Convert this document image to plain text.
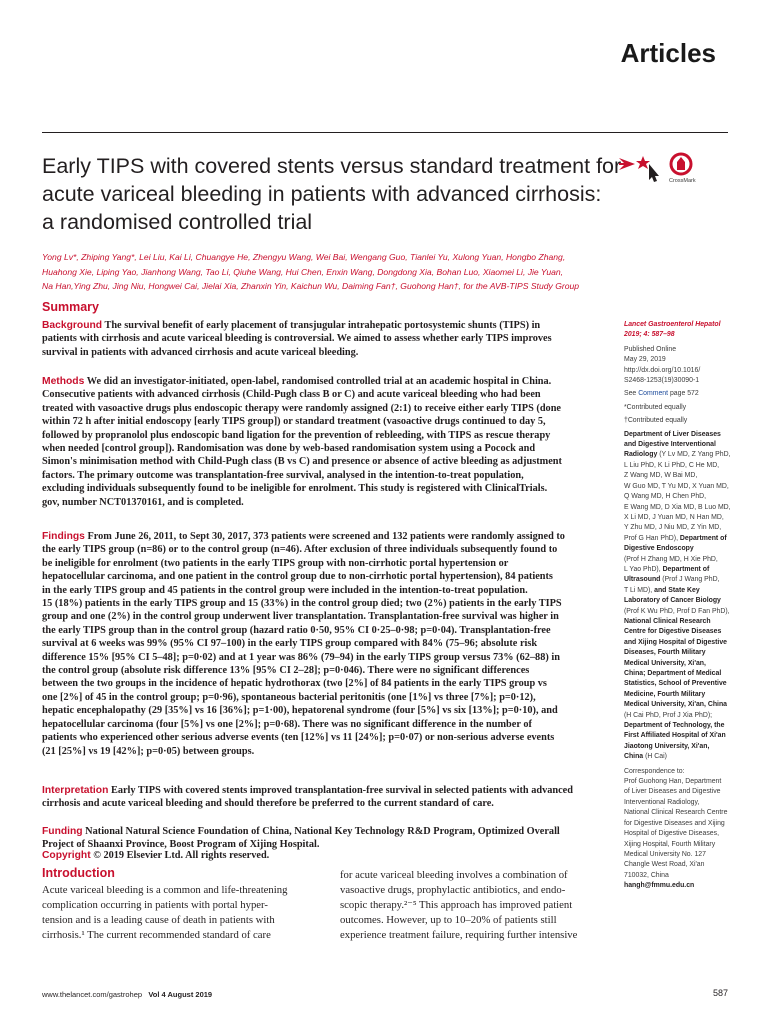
Articles
Early TIPS with covered stents versus standard treatment for
acute variceal bleeding in patients with advanced cirrhosis:
a randomised controlled trial
CrossMark
Yong Lv*, Zhiping Yang*, Lei Liu, Kai Li, Chuangye He, Zhengyu Wang, Wei Bai, Wengang Guo, Tianlei Yu, Xulong Yuan, Hongbo Zhang,
Huahong Xie, Liping Yao, Jianhong Wang, Tao Li, Qiuhe Wang, Hui Chen, Enxin Wang, Dongdong Xia, Bohan Luo, Xiaomei Li, Jie Yuan,
Na Han,Ying Zhu, Jing Niu, Hongwei Cai, Jielai Xia, Zhanxin Yin, Kaichun Wu, Daiming Fan†, Guohong Han†, for the AVB-TIPS Study Group
Summary
Background The survival benefit of early placement of transjugular intrahepatic portosystemic shunts (TIPS) in
patients with cirrhosis and acute variceal bleeding is controversial. We aimed to assess whether early TIPS improves
survival in patients with advanced cirrhosis and acute variceal bleeding.
Methods We did an investigator-initiated, open-label, randomised controlled trial at an academic hospital in China.
Consecutive patients with advanced cirrhosis (Child-Pugh class B or C) and acute variceal bleeding who had been
treated with vasoactive drugs plus endoscopic therapy were randomly assigned (2:1) to receive either early TIPS (done
within 72 h after initial endoscopy [early TIPS group]) or standard treatment (vasoactive drugs continued to day 5,
followed by propranolol plus endoscopic band ligation for the prevention of rebleeding, with TIPS as rescue therapy
when needed [control group]). Randomisation was done by web-based randomisation system using a Pocock and
Simon's minimisation method with Child-Pugh class (B vs C) and presence or absence of active bleeding as adjustment
factors. The primary outcome was transplantation-free survival, analysed in the intention-to-treat population,
excluding individuals subsequently found to be ineligible for enrolment. This study is registered with ClinicalTrials.
gov, number NCT01370161, and is completed.
Findings From June 26, 2011, to Sept 30, 2017, 373 patients were screened and 132 patients were randomly assigned to
the early TIPS group (n=86) or to the control group (n=46). After exclusion of three individuals subsequently found to
be ineligible for enrolment (two patients in the early TIPS group with non-cirrhotic portal hypertension or
hepatocellular carcinoma, and one patient in the control group due to non-cirrhotic portal hypertension), 84 patients
in the early TIPS group and 45 patients in the control group were included in the intention-to-treat population.
15 (18%) patients in the early TIPS group and 15 (33%) in the control group died; two (2%) patients in the early TIPS
group and one (2%) in the control group underwent liver transplantation. Transplantation-free survival was higher in
the early TIPS group than in the control group (hazard ratio 0·50, 95% CI 0·25–0·98; p=0·04). Transplantation-free
survival at 6 weeks was 99% (95% CI 97–100) in the early TIPS group compared with 84% (75–96; absolute risk
difference 15% [95% CI 5–48]; p=0·02) and at 1 year was 86% (79–94) in the early TIPS group versus 73% (62–88) in
the control group (absolute risk difference 13% [95% CI 2–28]; p=0·046). There were no significant differences
between the two groups in the incidence of hepatic hydrothorax (two [2%] of 84 patients in the early TIPS group vs
one [2%] of 45 in the control group; p=0·96), spontaneous bacterial peritonitis (one [1%] vs three [7%]; p=0·12),
hepatic encephalopathy (29 [35%] vs 16 [36%]; p=1·00), hepatorenal syndrome (four [5%] vs six [13%]; p=0·10), and
hepatocellular carcinoma (four [5%] vs one [2%]; p=0·68). There was no significant difference in the number of
patients who experienced other serious adverse events (ten [12%] vs 11 [24%]; p=0·07) or non-serious adverse events
(21 [25%] vs 19 [42%]; p=0·05) between groups.
Interpretation Early TIPS with covered stents improved transplantation-free survival in selected patients with advanced
cirrhosis and acute variceal bleeding and should therefore be preferred to the current standard of care.
Funding National Natural Science Foundation of China, National Key Technology R&D Program, Optimized Overall
Project of Shaanxi Province, Boost Program of Xijing Hospital.
Introduction
Acute variceal bleeding is a common and life-threatening
complication occurring in patients with portal hyper-
tension and is a leading cause of death in patients with
cirrhosis.¹ The current recommended standard of care
for acute variceal bleeding involves a combination of
vasoactive drugs, prophylactic antibiotics, and endo-
scopic therapy.²⁻⁵ This approach has improved patient
outcomes. However, up to 10–20% of patients still
experience treatment failure, requiring further intensive
Copyright © 2019 Elsevier Ltd. All rights reserved.
Lancet Gastroenterol Hepatol
2019; 4: 587–98
Published Online
May 29, 2019
http://dx.doi.org/10.1016/
S2468-1253(19)30090-1
See Comment page 572
*Contributed equally
†Contributed equally
Department of Liver Diseases
and Digestive Interventional
Radiology (Y Lv MD, Z Yang PhD,
L Liu PhD, K Li PhD, C He MD,
Z Wang MD, W Bai MD,
W Guo MD, T Yu MD, X Yuan MD,
Q Wang MD, H Chen PhD,
E Wang MD, D Xia MD, B Luo MD,
X Li MD, J Yuan MD, N Han MD,
Y Zhu MD, J Niu MD, Z Yin MD,
Prof G Han PhD), Department of
Digestive Endoscopy
(Prof H Zhang MD, H Xie PhD,
L Yao PhD), Department of
Ultrasound (Prof J Wang PhD,
T Li MD), and State Key
Laboratory of Cancer Biology
(Prof K Wu PhD, Prof D Fan PhD),
National Clinical Research
Centre for Digestive Diseases
and Xijing Hospital of Digestive
Diseases, Fourth Military
Medical University, Xi'an,
China; Department of Medical
Statistics, School of Preventive
Medicine, Fourth Military
Medical University, Xi'an, China
(H Cai PhD, Prof J Xia PhD);
Department of Technology, the
First Affiliated Hospital of Xi'an
Jiaotong University, Xi'an,
China (H Cai)
Correspondence to:
Prof Guohong Han, Department
of Liver Diseases and Digestive
Interventional Radiology,
National Clinical Research Centre
for Digestive Diseases and Xijing
Hospital of Digestive Diseases,
Xijing Hospital, Fourth Military
Medical University No. 127
Changle West Road, Xi'an
710032, China
hangh@fmmu.edu.cn
www.thelancet.com/gastrohep Vol 4 August 2019	587
